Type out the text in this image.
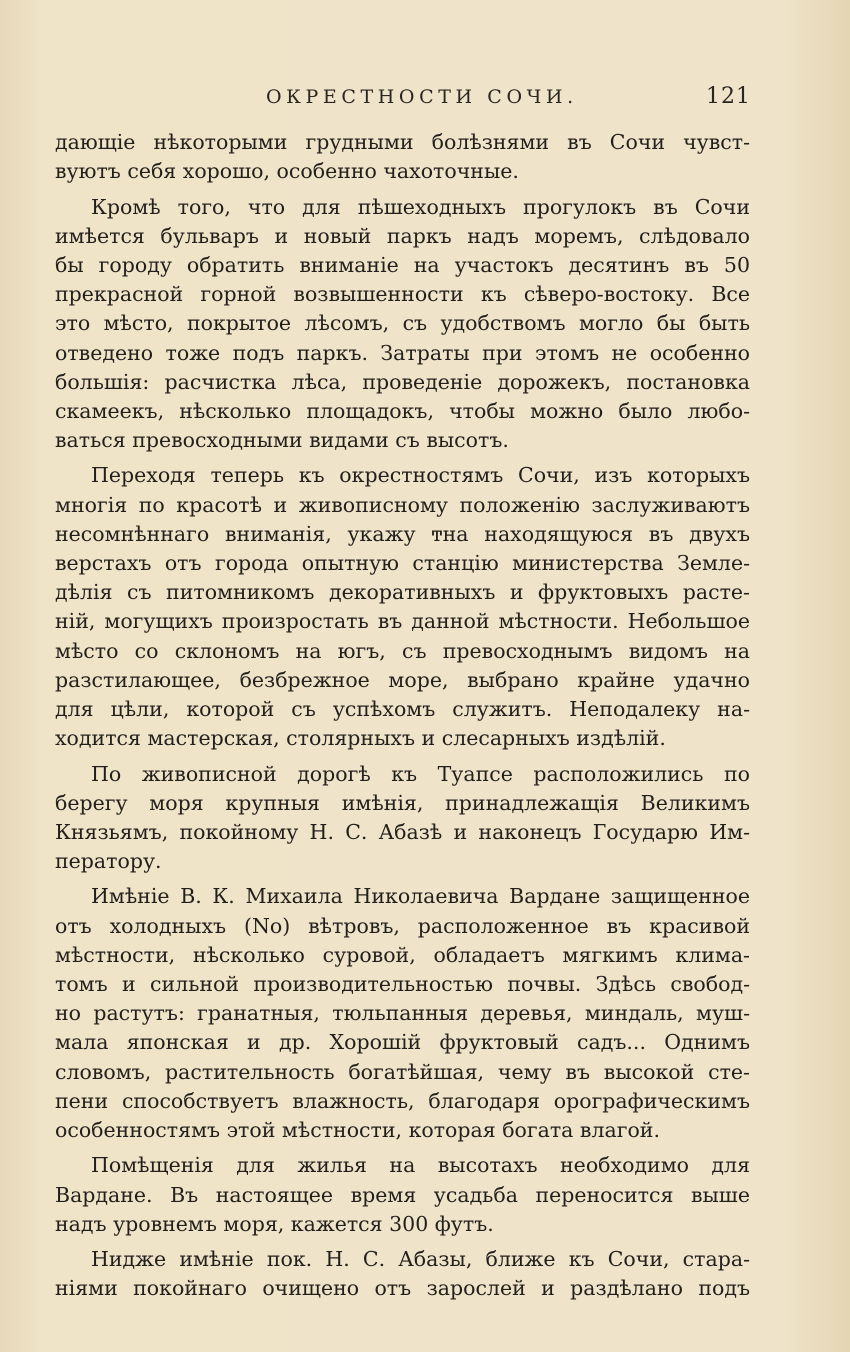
ОКРЕСТНОСТИ СОЧИ.	121
дающіе нѣкоторыми грудными болѣзнями въ Сочи чувст-
вуютъ себя хорошо, особенно чахоточные.
Кромѣ того, что для пѣшеходныхъ прогулокъ въ Сочи
имѣется бульваръ и новый паркъ надъ моремъ, слѣдовало
бы городу обратить вниманіе на участокъ десятинъ въ 50
прекрасной горной возвышенности къ сѣверо-востоку. Все
это мѣсто, покрытое лѣсомъ, съ удобствомъ могло бы быть
отведено тоже подъ паркъ. Затраты при этомъ не особенно
большія: расчистка лѣса, проведеніе дорожекъ, постановка
скамеекъ, нѣсколько площадокъ, чтобы можно было любо-
ваться превосходными видами съ высотъ.
Переходя теперь къ окрестностямъ Сочи, изъ которыхъ
многія по красотѣ и живописному положенію заслуживаютъ
несомнѣннаго вниманія, укажу ͳна находящуюся въ двухъ
верстахъ отъ города опытную станцію министерства Земле-
дѣлія съ питомникомъ декоративныхъ и фруктовыхъ расте-
ній, могущихъ произростать въ данной мѣстности. Небольшое
мѣсто со склономъ на югъ, съ превосходнымъ видомъ на
разстилающее, безбрежное море, выбрано крайне удачно
для цѣли, которой съ успѣхомъ служитъ. Неподалеку на-
ходится мастерская, столярныхъ и слесарныхъ издѣлій.
По живописной дорогѣ къ Туапсе расположились по
берегу моря крупныя имѣнія, принадлежащія Великимъ
Князьямъ, покойному Н. С. Абазѣ и наконецъ Государю Им-
ператору.
Имѣніе В. К. Михаила Николаевича Вардане защищенное
отъ холодныхъ (No) вѣтровъ, расположенное въ красивой
мѣстности, нѣсколько суровой, обладаетъ мягкимъ клима-
томъ и сильной производительностью почвы. Здѣсь свобод-
но растутъ: гранатныя, тюльпанныя деревья, миндаль, муш-
мала японская и др. Хорошій фруктовый садъ... Однимъ
словомъ, растительность богатѣйшая, чему въ высокой сте-
пени способствуетъ влажность, благодаря орографическимъ
особенностямъ этой мѣстности, которая богата влагой.
Помѣщенія для жилья на высотахъ необходимо для
Вардане. Въ настоящее время усадьба переносится выше
надъ уровнемъ моря, кажется 300 футъ.
Нидже имѣніе пок. Н. С. Абазы, ближе къ Сочи, стара-
ніями покойнаго очищено отъ зарослей и раздѣлано подъ
